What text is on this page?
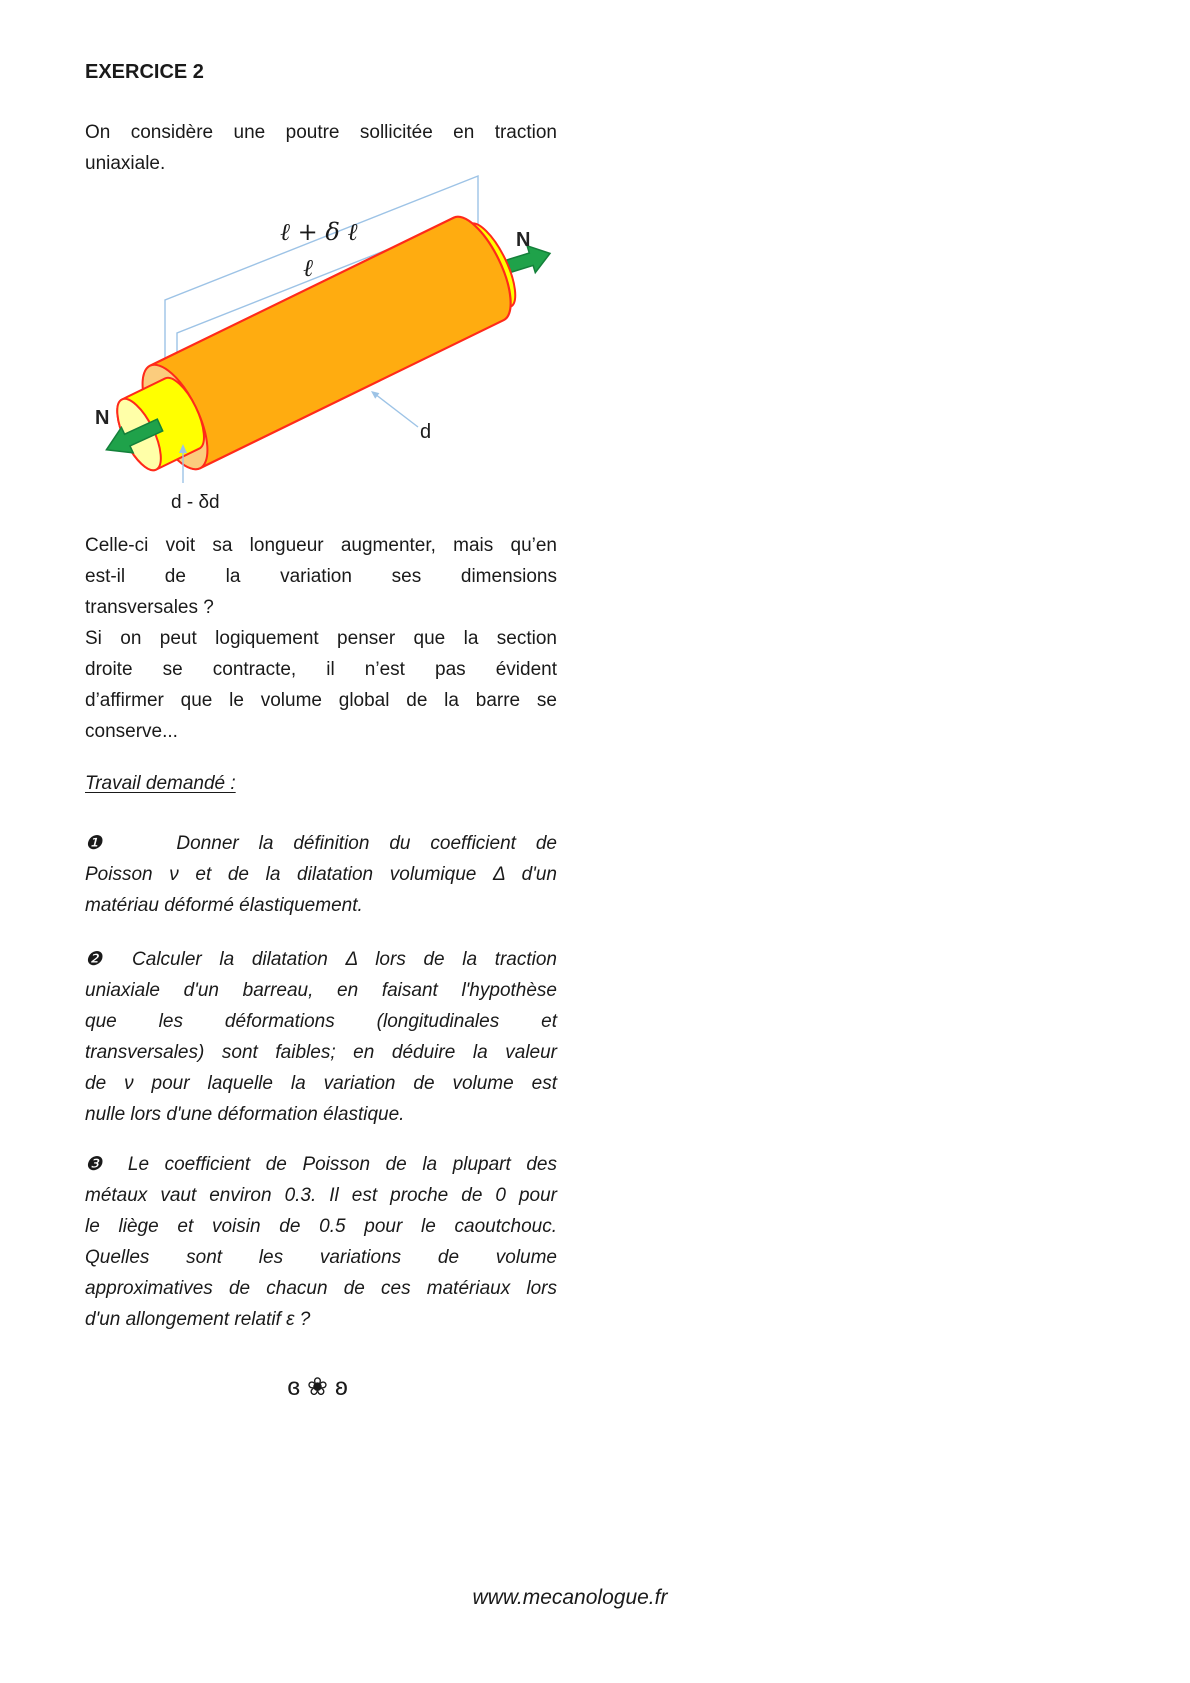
EXERCICE 2
On considère une poutre sollicitée en traction
uniaxiale.
ℓ + δ ℓ
ℓ
N
N
d
d - δd
Celle-ci voit sa longueur augmenter, mais qu’en
est-il de la variation ses dimensions
transversales ?
Si on peut logiquement penser que la section
droite se contracte, il n’est pas évident
d’affirmer que le volume global de la barre se
conserve...
Travail demandé :
❶   Donner la définition du coefficient de
Poisson ν et de la dilatation volumique Δ d'un
matériau déformé élastiquement.
❷ Calculer la dilatation Δ lors de la traction
uniaxiale d'un barreau, en faisant l'hypothèse
que les déformations (longitudinales et
transversales) sont faibles; en déduire la valeur
de ν pour laquelle la variation de volume est
nulle lors d'une déformation élastique.
❸ Le coefficient de Poisson de la plupart des
métaux vaut environ 0.3. Il est proche de 0 pour
le liège et voisin de 0.5 pour le caoutchouc.
Quelles sont les variations de volume
approximatives de chacun de ces matériaux lors
d'un allongement relatif ε ?
ɞ❀ʚ
www.mecanologue.fr
